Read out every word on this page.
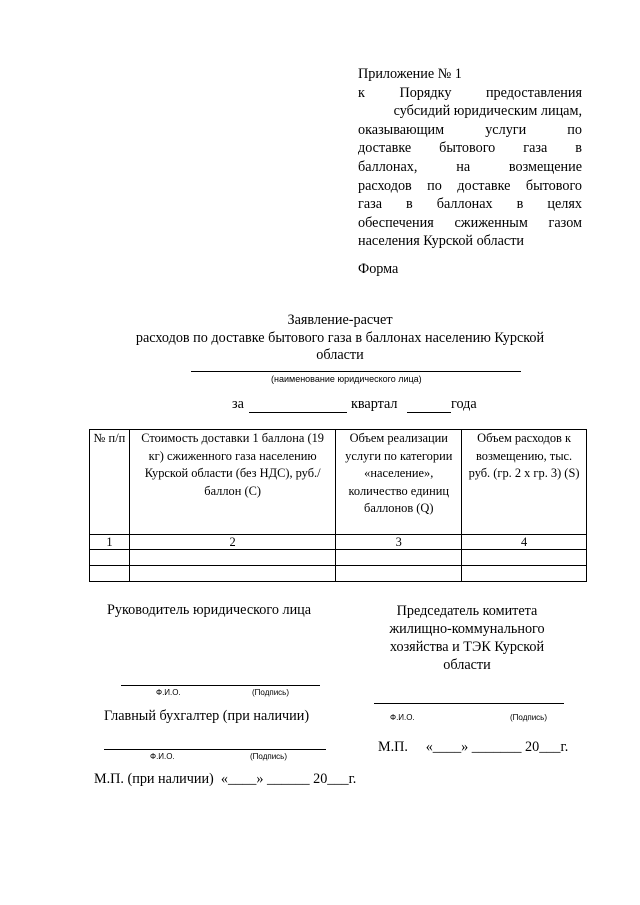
Приложение № 1
к Порядку предоставления
субсидий юридическим лицам,
оказывающим услуги по
доставке бытового газа в
баллонах, на возмещение
расходов по доставке бытового
газа в баллонах в целях
обеспечения сжиженным газом
населения Курской области
Форма
Заявление-расчет
расходов по доставке бытового газа в баллонах населению Курской
области
(наименование юридического лица)
за	квартал	года
№ п/п	Стоимость доставки 1 баллона (19 кг) сжиженного газа населению Курской области (без НДС), руб./баллон (С)	Объем реализации услуги по категории «население», количество единиц баллонов (Q)	Объем расходов к возмещению, тыс. руб. (гр. 2 х гр. 3) (S)
1	2	3	4

Руководитель юридического лица
Ф.И.О.	(Подпись)
Главный бухгалтер (при наличии)
Ф.И.О.	(Подпись)
М.П. (при наличии)  «____» ______ 20___г.
Председатель комитета
жилищно-коммунального
хозяйства и ТЭК Курской
области
Ф.И.О.	(Подпись)
М.П.     «____» _______ 20___г.
